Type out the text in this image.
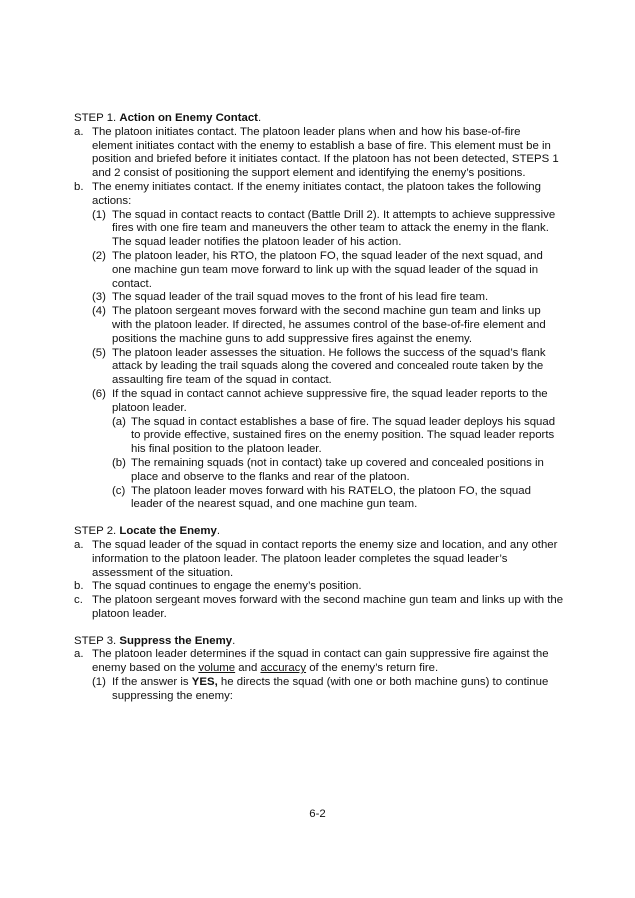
STEP 1. Action on Enemy Contact.
a. The platoon initiates contact. The platoon leader plans when and how his base-of-fire element initiates contact with the enemy to establish a base of fire. This element must be in position and briefed before it initiates contact. If the platoon has not been detected, STEPS 1 and 2 consist of positioning the support element and identifying the enemy’s positions.
b. The enemy initiates contact. If the enemy initiates contact, the platoon takes the following actions:
(1) The squad in contact reacts to contact (Battle Drill 2). It attempts to achieve suppressive fires with one fire team and maneuvers the other team to attack the enemy in the flank. The squad leader notifies the platoon leader of his action.
(2) The platoon leader, his RTO, the platoon FO, the squad leader of the next squad, and one machine gun team move forward to link up with the squad leader of the squad in contact.
(3) The squad leader of the trail squad moves to the front of his lead fire team.
(4) The platoon sergeant moves forward with the second machine gun team and links up with the platoon leader. If directed, he assumes control of the base-of-fire element and positions the machine guns to add suppressive fires against the enemy.
(5) The platoon leader assesses the situation. He follows the success of the squad’s flank attack by leading the trail squads along the covered and concealed route taken by the assaulting fire team of the squad in contact.
(6) If the squad in contact cannot achieve suppressive fire, the squad leader reports to the platoon leader.
(a) The squad in contact establishes a base of fire. The squad leader deploys his squad to provide effective, sustained fires on the enemy position. The squad leader reports his final position to the platoon leader.
(b) The remaining squads (not in contact) take up covered and concealed positions in place and observe to the flanks and rear of the platoon.
(c) The platoon leader moves forward with his RATELO, the platoon FO, the squad leader of the nearest squad, and one machine gun team.
STEP 2. Locate the Enemy.
a. The squad leader of the squad in contact reports the enemy size and location, and any other information to the platoon leader. The platoon leader completes the squad leader’s assessment of the situation.
b. The squad continues to engage the enemy’s position.
c. The platoon sergeant moves forward with the second machine gun team and links up with the platoon leader.
STEP 3. Suppress the Enemy.
a. The platoon leader determines if the squad in contact can gain suppressive fire against the enemy based on the volume and accuracy of the enemy’s return fire.
(1) If the answer is YES, he directs the squad (with one or both machine guns) to continue suppressing the enemy:
6-2
